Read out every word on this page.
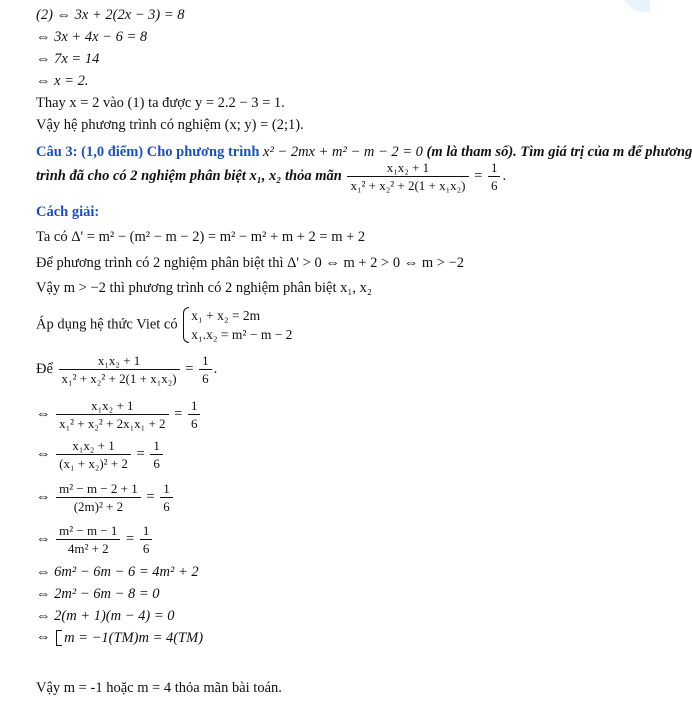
(2) ⇔ 3x + 2(2x − 3) = 8
⇔ 3x + 4x − 6 = 8
⇔ 7x = 14
⇔ x = 2.
Thay x = 2 vào (1) ta được y = 2.2 − 3 = 1.
Vậy hệ phương trình có nghiệm (x; y) = (2;1).
Câu 3: (1,0 điểm) Cho phương trình x² − 2mx + m² − m − 2 = 0 (m là tham số). Tìm giá trị của m để phương
trình đã cho có 2 nghiệm phân biệt x₁, x₂ thỏa mãn $\frac{\text{x₁x₂ + 1}}{\text{x₁² + x₂² + 2(1 + x₁x₂)}} = \frac{1}{6}$ .
Cách giải:
Ta có Δ' = m² − (m² − m − 2) = m² − m² + m + 2 = m + 2
Để phương trình có 2 nghiệm phân biệt thì Δ' > 0 ⇔ m + 2 > 0 ⇔ m > −2
Vậy m > −2 thì phương trình có 2 nghiệm phân biệt x₁, x₂
Áp dụng hệ thức Viet có
x₁ + x₂ = 2m
x₁.x₂ = m² − m − 2
Để $\frac{\text{x₁x₂ + 1}}{\text{x₁² + x₂² + 2(1 + x₁x₂)}} = \frac{1}{6}$ .
⇔ $\frac{\text{x₁x₂ + 1}}{\text{x₁² + x₂² + 2x₁x₁ + 2}} = \frac{1}{6}$
⇔ $\frac{\text{x₁x₂ + 1}}{\text{(x₁ + x₂)² + 2}} = \frac{1}{6}$
⇔ $\frac{\text{m² − m − 2 + 1}}{\text{(2m)² + 2}} = \frac{1}{6}$
⇔ $\frac{\text{m² − m − 1}}{\text{4m² + 2}} = \frac{1}{6}$
⇔ 6m² − 6m − 6 = 4m² + 2
⇔ 2m² − 6m − 8 = 0
⇔ 2(m + 1)(m − 4) = 0
⇔ m = −1(TM)m = 4(TM)
Vậy m = -1 hoặc m = 4 thỏa mãn bài toán.
